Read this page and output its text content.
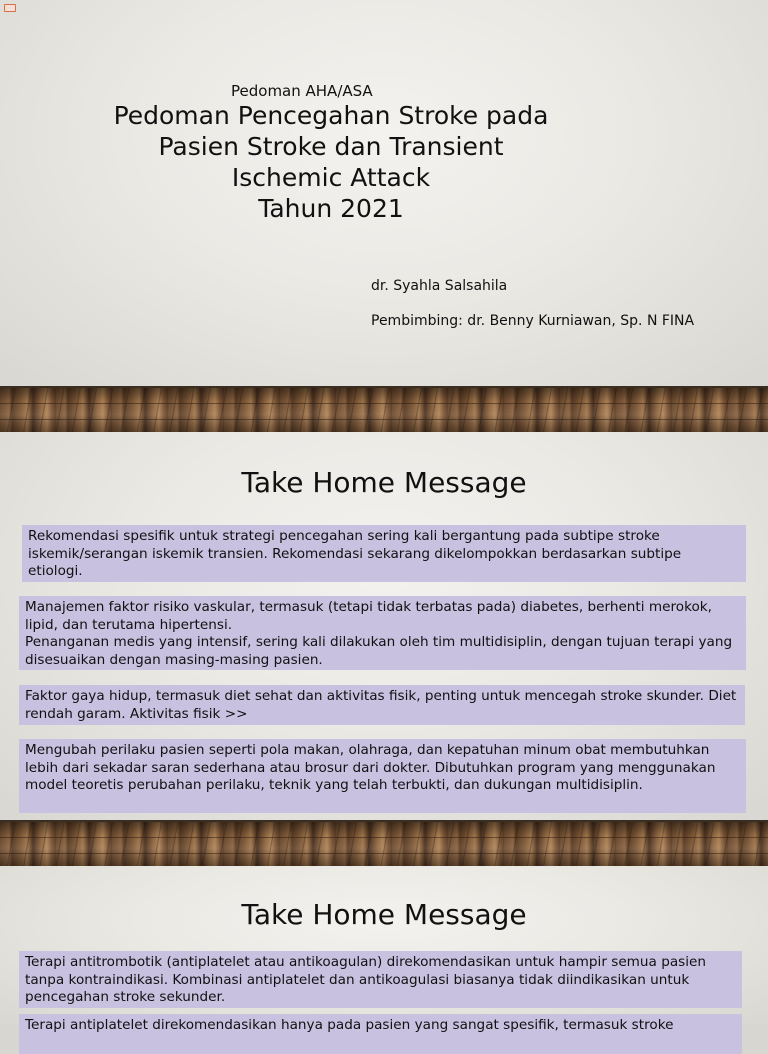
Pedoman AHA/ASA
Pedoman Pencegahan Stroke pada
Pasien Stroke dan Transient
Ischemic Attack
Tahun 2021
dr. Syahla Salsahila
Pembimbing: dr. Benny Kurniawan, Sp. N FINA
Take Home Message
Rekomendasi spesifik untuk strategi pencegahan sering kali bergantung pada subtipe stroke iskemik/serangan iskemik transien. Rekomendasi sekarang dikelompokkan berdasarkan subtipe etiologi.
Manajemen faktor risiko vaskular, termasuk (tetapi tidak terbatas pada) diabetes, berhenti merokok, lipid, dan terutama hipertensi.
Penanganan medis yang intensif, sering kali dilakukan oleh tim multidisiplin, dengan tujuan terapi yang disesuaikan dengan masing-masing pasien.
Faktor gaya hidup, termasuk diet sehat dan aktivitas fisik, penting untuk mencegah stroke skunder. Diet rendah garam. Aktivitas fisik >>
Mengubah perilaku pasien seperti pola makan, olahraga, dan kepatuhan minum obat membutuhkan lebih dari sekadar saran sederhana atau brosur dari dokter. Dibutuhkan program yang menggunakan model teoretis perubahan perilaku, teknik yang telah terbukti, dan dukungan multidisiplin.
Take Home Message
Terapi antitrombotik (antiplatelet atau antikoagulan) direkomendasikan untuk hampir semua pasien tanpa kontraindikasi. Kombinasi antiplatelet dan antikoagulasi biasanya tidak diindikasikan untuk pencegahan stroke sekunder.
Terapi antiplatelet direkomendasikan hanya pada pasien yang sangat spesifik, termasuk stroke
